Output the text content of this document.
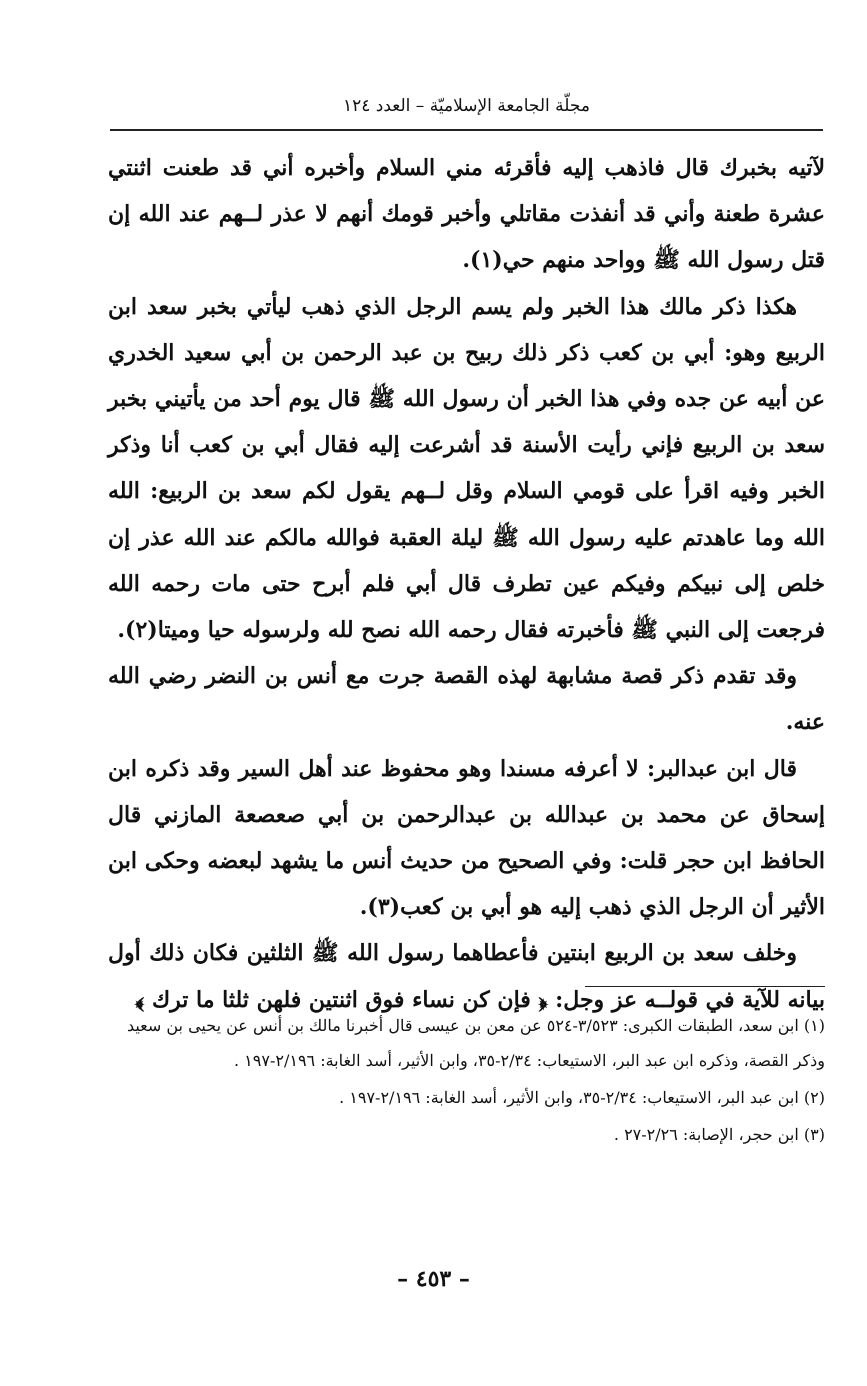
مجلّة الجامعة الإسلاميّة – العدد ١٢٤

لآتيه بخبرك قال فاذهب إليه فأقرئه مني السلام وأخبره أني قد طعنت اثنتي عشرة طعنة وأني قد أنفذت مقاتلي وأخبر قومك أنهم لا عذر لــهم عند الله إن قتل رسول الله ﷺ وواحد منهم حي(١).

هكذا ذكر مالك هذا الخبر ولم يسم الرجل الذي ذهب ليأتي بخبر سعد ابن الربيع وهو: أبي بن كعب ذكر ذلك ربيح بن عبد الرحمن بن أبي سعيد الخدري عن أبيه عن جده وفي هذا الخبر أن رسول الله ﷺ قال يوم أحد من يأتيني بخبر سعد بن الربيع فإني رأيت الأسنة قد أشرعت إليه فقال أبي بن كعب أنا وذكر الخبر وفيه اقرأ على قومي السلام وقل لــهم يقول لكم سعد بن الربيع: الله الله وما عاهدتم عليه رسول الله ﷺ ليلة العقبة فوالله مالكم عند الله عذر إن خلص إلى نبيكم وفيكم عين تطرف قال أبي فلم أبرح حتى مات رحمه الله فرجعت إلى النبي ﷺ فأخبرته فقال رحمه الله نصح لله ولرسوله حيا وميتا(٢).

وقد تقدم ذكر قصة مشابهة لهذه القصة جرت مع أنس بن النضر رضي الله عنه.

قال ابن عبدالبر: لا أعرفه مسندا وهو محفوظ عند أهل السير وقد ذكره ابن إسحاق عن محمد بن عبدالله بن عبدالرحمن بن أبي صعصعة المازني قال الحافظ ابن حجر قلت: وفي الصحيح من حديث أنس ما يشهد لبعضه وحكى ابن الأثير أن الرجل الذي ذهب إليه هو أبي بن كعب(٣).

وخلف سعد بن الربيع ابنتين فأعطاهما رسول الله ﷺ الثلثين فكان ذلك أول بيانه للآية في قولــه عز وجل: ﴿ فإن كن نساء فوق اثنتين فلهن ثلثا ما ترك ﴾

(١) ابن سعد، الطبقات الكبرى: ٣/٥٢٣-٥٢٤ عن معن بن عيسى قال أخبرنا مالك بن أنس عن يحيى بن سعيد وذكر القصة، وذكره ابن عبد البر، الاستيعاب: ٢/٣٤-٣٥، وابن الأثير، أسد الغابة: ٢/١٩٦-١٩٧ .

(٢) ابن عبد البر، الاستيعاب: ٢/٣٤-٣٥، وابن الأثير، أسد الغابة: ٢/١٩٦-١٩٧ .

(٣) ابن حجر، الإصابة: ٢/٢٦-٢٧ .

– ٤٥٣ –
